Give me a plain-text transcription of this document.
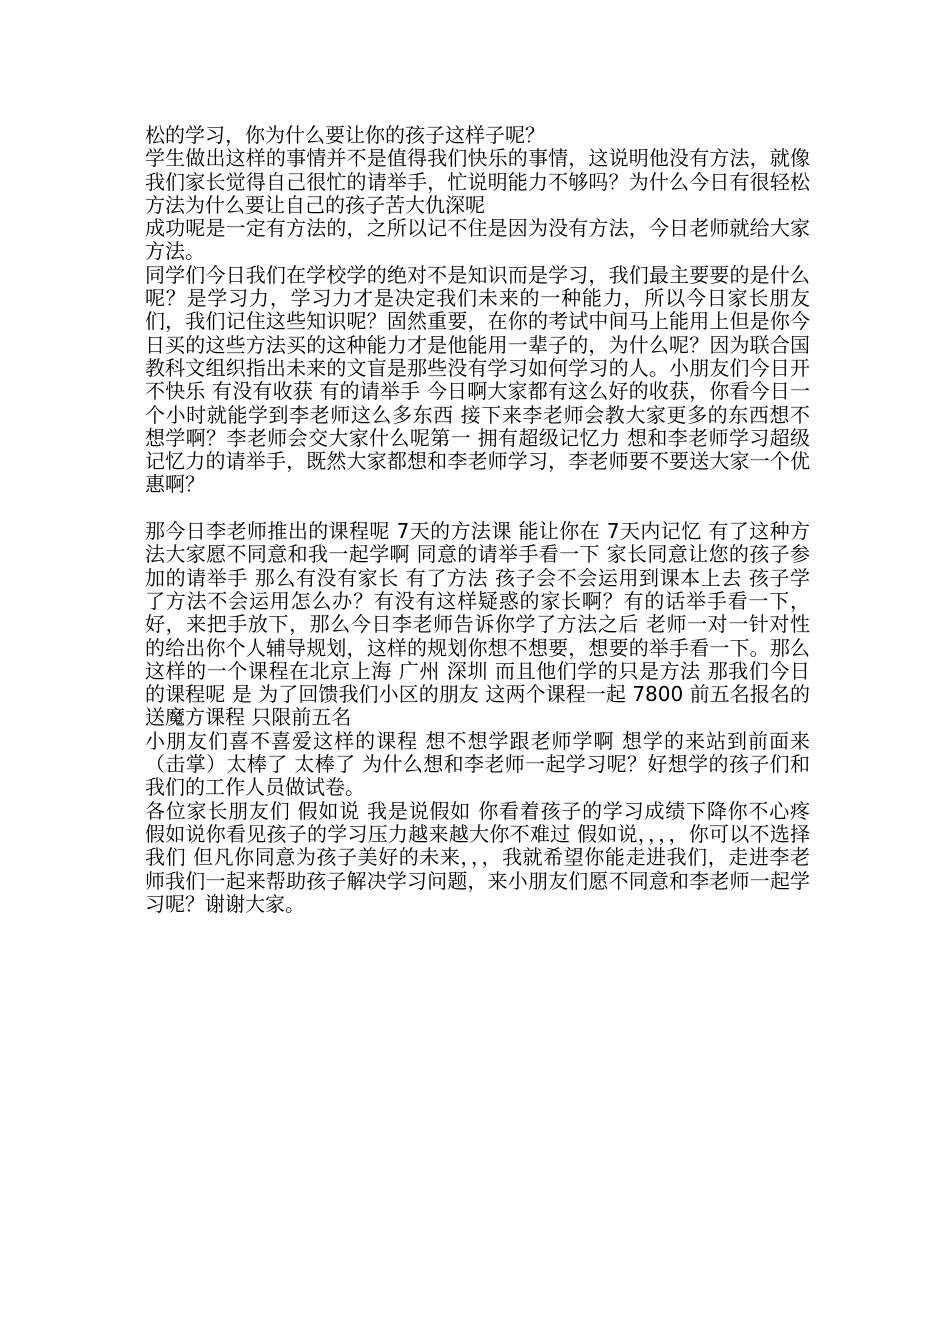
松的学习，你为什么要让你的孩子这样子呢？

学生做出这样的事情并不是值得我们快乐的事情，这说明他没有方法，就像我们家长觉得自己很忙的请举手，忙说明能力不够吗？为什么今日有很轻松方法为什么要让自己的孩子苦大仇深呢

成功呢是一定有方法的，之所以记不住是因为没有方法，今日老师就给大家方法。

同学们今日我们在学校学的绝对不是知识而是学习，我们最主要要的是什么呢？是学习力，学习力才是决定我们未来的一种能力，所以今日家长朋友们，我们记住这些知识呢？固然重要，在你的考试中间马上能用上但是你今日买的这些方法买的这种能力才是他能用一辈子的，为什么呢？因为联合国教科文组织指出未来的文盲是那些没有学习如何学习的人。小朋友们今日开不快乐 有没有收获 有的请举手 今日啊大家都有这么好的收获，你看今日一个小时就能学到李老师这么多东西 接下来李老师会教大家更多的东西想不想学啊？李老师会交大家什么呢第一 拥有超级记忆力 想和李老师学习超级记忆力的请举手，既然大家都想和李老师学习，李老师要不要送大家一个优惠啊？

那今日李老师推出的课程呢 7天的方法课 能让你在 7天内记忆 有了这种方法大家愿不同意和我一起学啊 同意的请举手看一下 家长同意让您的孩子参加的请举手 那么有没有家长 有了方法 孩子会不会运用到课本上去 孩子学了方法不会运用怎么办？有没有这样疑惑的家长啊？有的话举手看一下，好，来把手放下，那么今日李老师告诉你学了方法之后 老师一对一针对性的给出你个人辅导规划，这样的规划你想不想要，想要的举手看一下。那么这样的一个课程在北京上海 广州 深圳 而且他们学的只是方法 那我们今日的课程呢 是 为了回馈我们小区的朋友 这两个课程一起 7800 前五名报名的送魔方课程 只限前五名

小朋友们喜不喜爱这样的课程 想不想学跟老师学啊 想学的来站到前面来（击掌）太棒了 太棒了 为什么想和李老师一起学习呢？好想学的孩子们和我们的工作人员做试卷。

各位家长朋友们 假如说 我是说假如 你看着孩子的学习成绩下降你不心疼 假如说你看见孩子的学习压力越来越大你不难过 假如说，，，，你可以不选择我们 但凡你同意为孩子美好的未来，，，我就希望你能走进我们，走进李老师我们一起来帮助孩子解决学习问题，来小朋友们愿不同意和李老师一起学习呢？谢谢大家。
